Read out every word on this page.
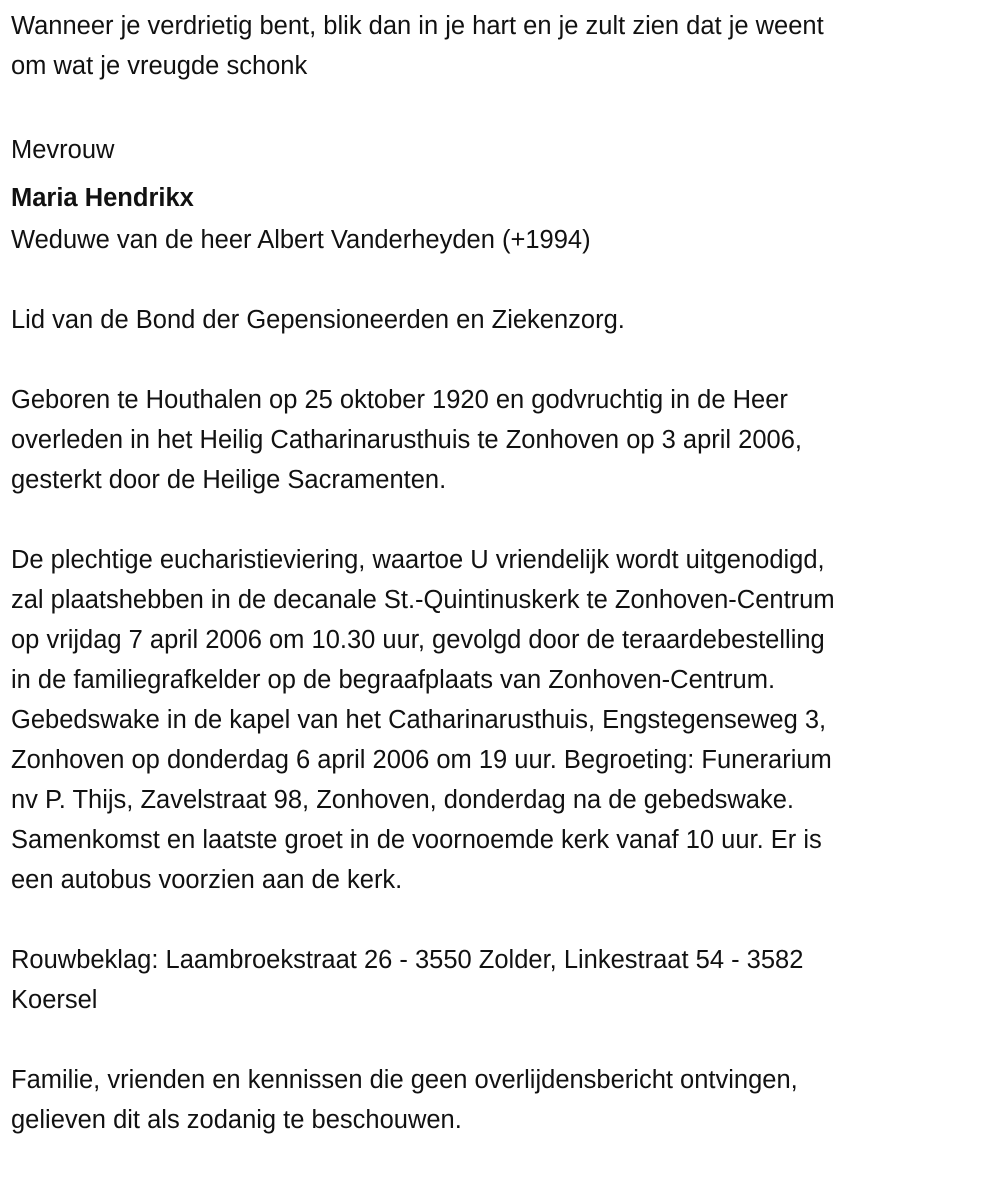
Wanneer je verdrietig bent, blik dan in je hart en je zult zien dat je weent
om wat je vreugde schonk
Mevrouw
Maria Hendrikx
Weduwe van de heer Albert Vanderheyden (+1994)
Lid van de Bond der Gepensioneerden en Ziekenzorg.
Geboren te Houthalen op 25 oktober 1920 en godvruchtig in de Heer
overleden in het Heilig Catharinarusthuis te Zonhoven op 3 april 2006,
gesterkt door de Heilige Sacramenten.
De plechtige eucharistieviering, waartoe U vriendelijk wordt uitgenodigd,
zal plaatshebben in de decanale St.-Quintinuskerk te Zonhoven-Centrum
op vrijdag 7 april 2006 om 10.30 uur, gevolgd door de teraardebestelling
in de familiegrafkelder op de begraafplaats van Zonhoven-Centrum.
Gebedswake in de kapel van het Catharinarusthuis, Engstegenseweg 3,
Zonhoven op donderdag 6 april 2006 om 19 uur. Begroeting: Funerarium
nv P. Thijs, Zavelstraat 98, Zonhoven, donderdag na de gebedswake.
Samenkomst en laatste groet in de voornoemde kerk vanaf 10 uur. Er is
een autobus voorzien aan de kerk.
Rouwbeklag: Laambroekstraat 26 - 3550 Zolder, Linkestraat 54 - 3582
Koersel
Familie, vrienden en kennissen die geen overlijdensbericht ontvingen,
gelieven dit als zodanig te beschouwen.
